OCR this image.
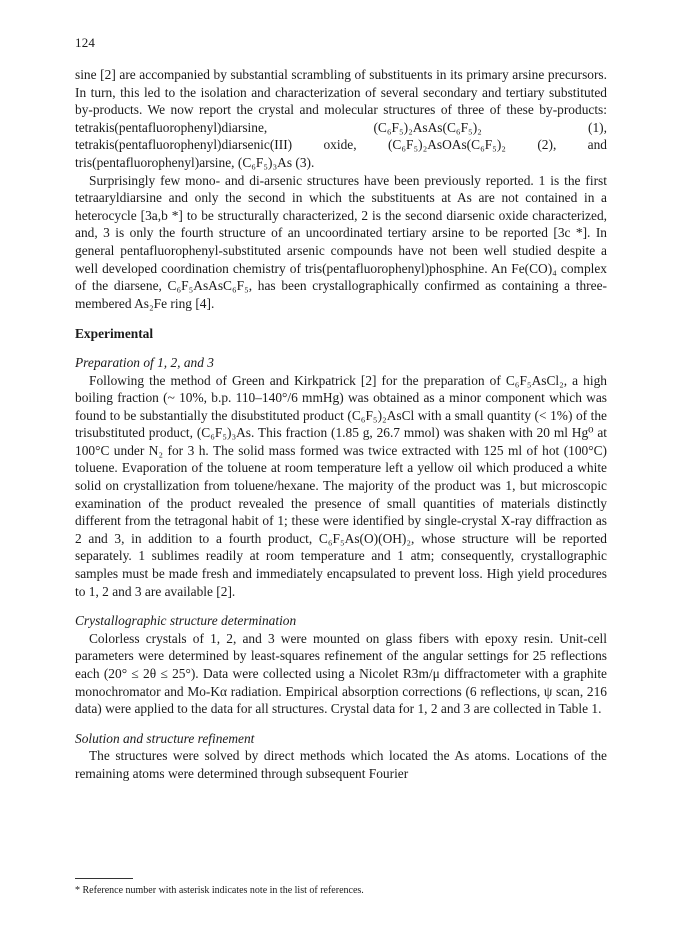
124

sine [2] are accompanied by substantial scrambling of substituents in its primary arsine precursors. In turn, this led to the isolation and characterization of several secondary and tertiary substituted by-products. We now report the crystal and molecular structures of three of these by-products: tetrakis(pentafluorophenyl)diarsine, (C₆F₅)₂AsAs(C₆F₅)₂ (1), tetrakis(pentafluorophenyl)diarsenic(III) oxide, (C₆F₅)₂AsOAs(C₆F₅)₂ (2), and tris(pentafluorophenyl)arsine, (C₆F₅)₃As (3).

Surprisingly few mono- and di-arsenic structures have been previously reported. 1 is the first tetraaryldiarsine and only the second in which the substituents at As are not contained in a heterocycle [3a,b *] to be structurally characterized, 2 is the second diarsenic oxide characterized, and, 3 is only the fourth structure of an uncoordinated tertiary arsine to be reported [3c *]. In general pentafluorophenyl-substituted arsenic compounds have not been well studied despite a well developed coordination chemistry of tris(pentafluorophenyl)phosphine. An Fe(CO)₄ complex of the diarsene, C₆F₅AsAsC₆F₅, has been crystallographically confirmed as containing a three-membered As₂Fe ring [4].

Experimental
Preparation of 1, 2, and 3

Following the method of Green and Kirkpatrick [2] for the preparation of C₆F₅AsCl₂, a high boiling fraction (~ 10%, b.p. 110–140°/6 mmHg) was obtained as a minor component which was found to be substantially the disubstituted product (C₆F₅)₂AsCl with a small quantity (< 1%) of the trisubstituted product, (C₆F₅)₃As. This fraction (1.85 g, 26.7 mmol) was shaken with 20 ml Hg⁰ at 100°C under N₂ for 3 h. The solid mass formed was twice extracted with 125 ml of hot (100°C) toluene. Evaporation of the toluene at room temperature left a yellow oil which produced a white solid on crystallization from toluene/hexane. The majority of the product was 1, but microscopic examination of the product revealed the presence of small quantities of materials distinctly different from the tetragonal habit of 1; these were identified by single-crystal X-ray diffraction as 2 and 3, in addition to a fourth product, C₆F₅As(O)(OH)₂, whose structure will be reported separately. 1 sublimes readily at room temperature and 1 atm; consequently, crystallographic samples must be made fresh and immediately encapsulated to prevent loss. High yield procedures to 1, 2 and 3 are available [2].

Crystallographic structure determination

Colorless crystals of 1, 2, and 3 were mounted on glass fibers with epoxy resin. Unit-cell parameters were determined by least-squares refinement of the angular settings for 25 reflections each (20° ≤ 2θ ≤ 25°). Data were collected using a Nicolet R3m/μ diffractometer with a graphite monochromator and Mo-Kα radiation. Empirical absorption corrections (6 reflections, ψ scan, 216 data) were applied to the data for all structures. Crystal data for 1, 2 and 3 are collected in Table 1.

Solution and structure refinement

The structures were solved by direct methods which located the As atoms. Locations of the remaining atoms were determined through subsequent Fourier

* Reference number with asterisk indicates note in the list of references.
